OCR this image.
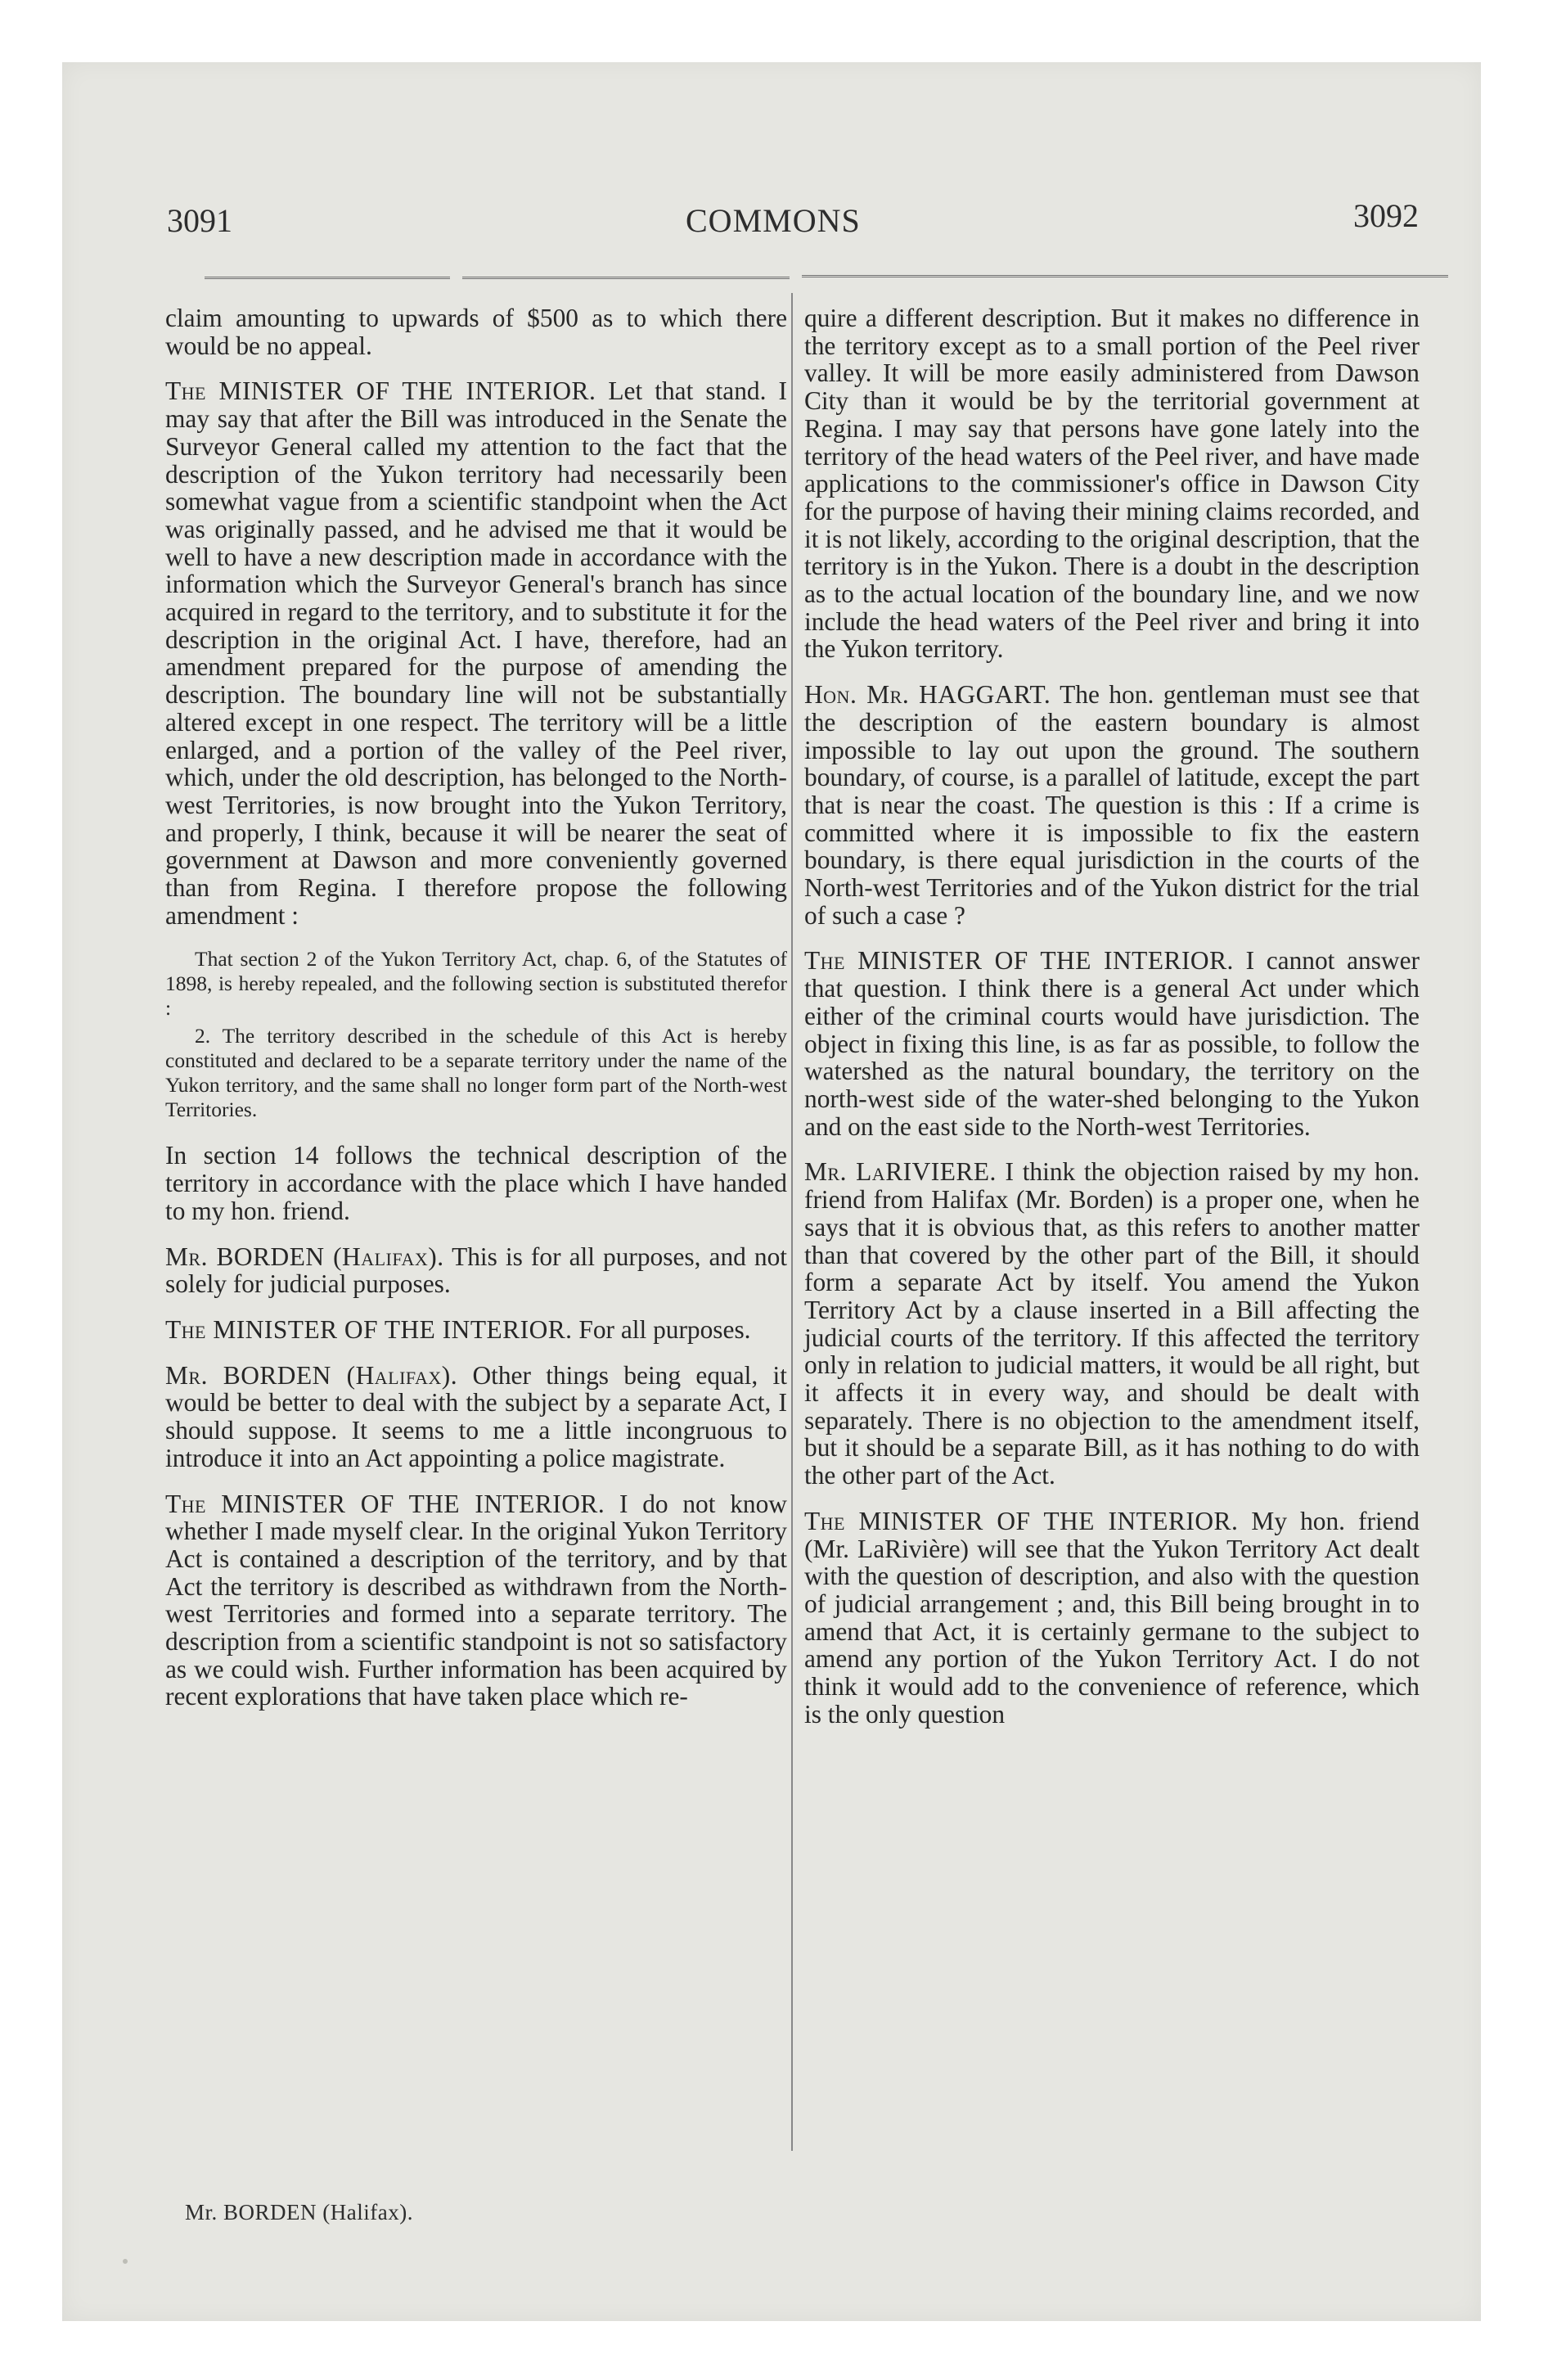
3091	COMMONS	3092

claim amounting to upwards of $500 as to which there would be no appeal.

The MINISTER OF THE INTERIOR. Let that stand. I may say that after the Bill was introduced in the Senate the Surveyor General called my attention to the fact that the description of the Yukon territory had necessarily been somewhat vague from a scientific standpoint when the Act was originally passed, and he advised me that it would be well to have a new description made in accordance with the information which the Surveyor General's branch has since acquired in regard to the territory, and to substitute it for the description in the original Act. I have, therefore, had an amendment prepared for the purpose of amending the description. The boundary line will not be substantially altered except in one respect. The territory will be a little enlarged, and a portion of the valley of the Peel river, which, under the old description, has belonged to the North-west Territories, is now brought into the Yukon Territory, and properly, I think, because it will be nearer the seat of government at Dawson and more conveniently governed than from Regina. I therefore propose the following amendment :

That section 2 of the Yukon Territory Act, chap. 6, of the Statutes of 1898, is hereby repealed, and the following section is substituted therefor :

2. The territory described in the schedule of this Act is hereby constituted and declared to be a separate territory under the name of the Yukon territory, and the same shall no longer form part of the North-west Territories.

In section 14 follows the technical description of the territory in accordance with the place which I have handed to my hon. friend.

Mr. BORDEN (Halifax). This is for all purposes, and not solely for judicial purposes.

The MINISTER OF THE INTERIOR. For all purposes.

Mr. BORDEN (Halifax). Other things being equal, it would be better to deal with the subject by a separate Act, I should suppose. It seems to me a little incongruous to introduce it into an Act appointing a police magistrate.

The MINISTER OF THE INTERIOR. I do not know whether I made myself clear. In the original Yukon Territory Act is contained a description of the territory, and by that Act the territory is described as withdrawn from the North-west Territories and formed into a separate territory. The description from a scientific standpoint is not so satisfactory as we could wish. Further information has been acquired by recent explorations that have taken place which re-

quire a different description. But it makes no difference in the territory except as to a small portion of the Peel river valley. It will be more easily administered from Dawson City than it would be by the territorial government at Regina. I may say that persons have gone lately into the territory of the head waters of the Peel river, and have made applications to the commissioner's office in Dawson City for the purpose of having their mining claims recorded, and it is not likely, according to the original description, that the territory is in the Yukon. There is a doubt in the description as to the actual location of the boundary line, and we now include the head waters of the Peel river and bring it into the Yukon territory.

Hon. Mr. HAGGART. The hon. gentleman must see that the description of the eastern boundary is almost impossible to lay out upon the ground. The southern boundary, of course, is a parallel of latitude, except the part that is near the coast. The question is this : If a crime is committed where it is impossible to fix the eastern boundary, is there equal jurisdiction in the courts of the North-west Territories and of the Yukon district for the trial of such a case ?

The MINISTER OF THE INTERIOR. I cannot answer that question. I think there is a general Act under which either of the criminal courts would have jurisdiction. The object in fixing this line, is as far as possible, to follow the watershed as the natural boundary, the territory on the north-west side of the water-shed belonging to the Yukon and on the east side to the North-west Territories.

Mr. LaRIVIERE. I think the objection raised by my hon. friend from Halifax (Mr. Borden) is a proper one, when he says that it is obvious that, as this refers to another matter than that covered by the other part of the Bill, it should form a separate Act by itself. You amend the Yukon Territory Act by a clause inserted in a Bill affecting the judicial courts of the territory. If this affected the territory only in relation to judicial matters, it would be all right, but it affects it in every way, and should be dealt with separately. There is no objection to the amendment itself, but it should be a separate Bill, as it has nothing to do with the other part of the Act.

The MINISTER OF THE INTERIOR. My hon. friend (Mr. LaRivière) will see that the Yukon Territory Act dealt with the question of description, and also with the question of judicial arrangement ; and, this Bill being brought in to amend that Act, it is certainly germane to the subject to amend any portion of the Yukon Territory Act. I do not think it would add to the convenience of reference, which is the only question

Mr. BORDEN (Halifax).
